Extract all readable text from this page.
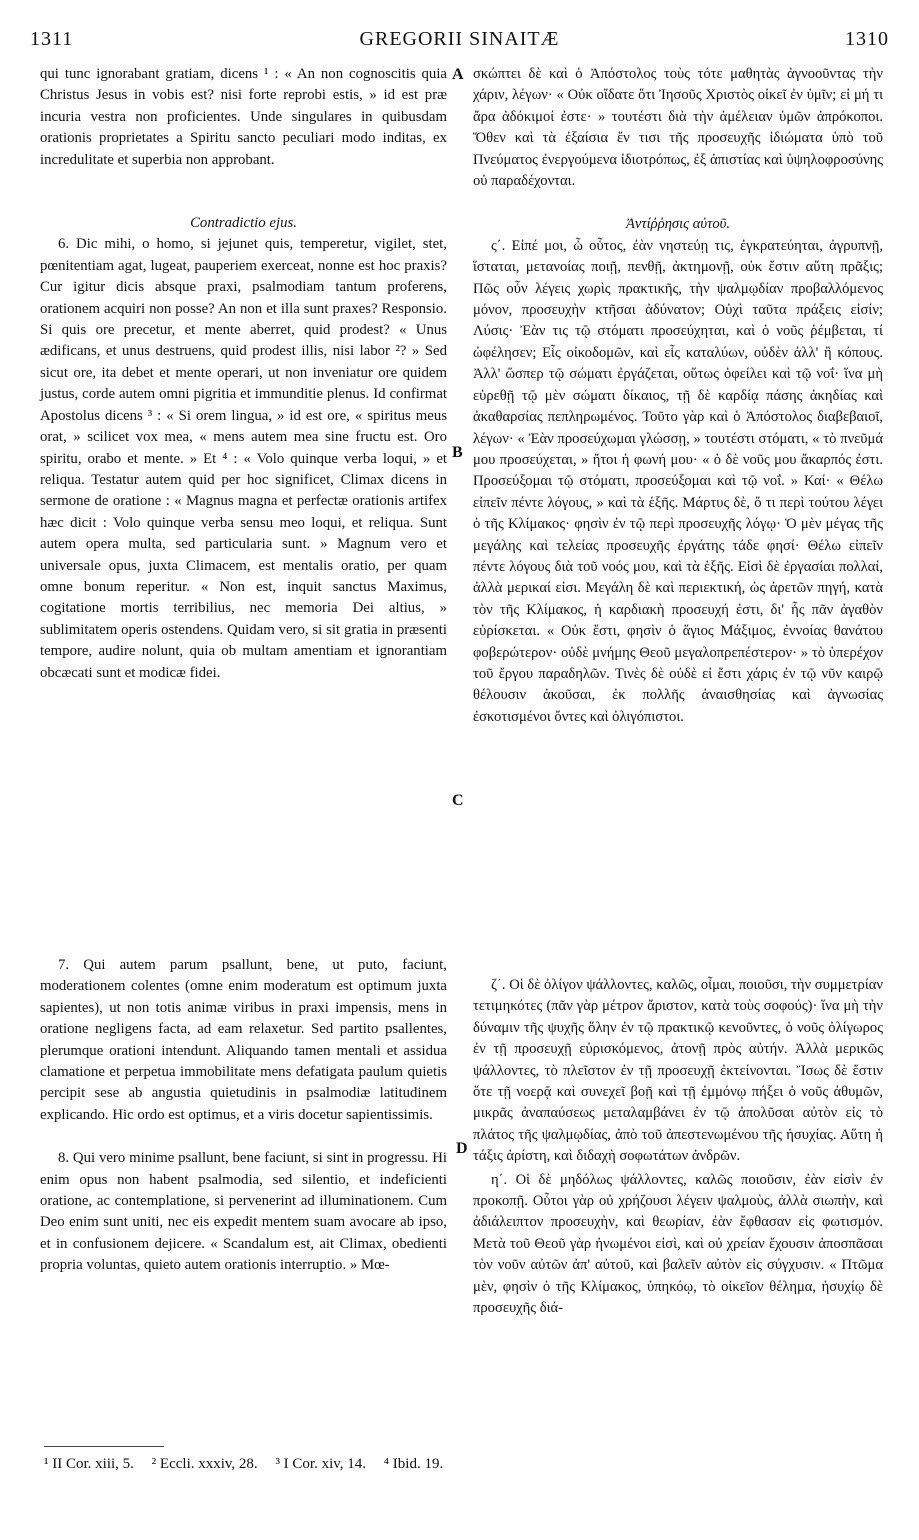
1311	GREGORII SINAITÆ	1310
A
B
C
D

qui tunc ignorabant gratiam, dicens ¹ : « An non cognoscitis quia Christus Jesus in vobis est? nisi forte reprobi estis, » id est præ incuria vestra non proficientes. Unde singulares in quibusdam orationis proprietates a Spiritu sancto peculiari modo inditas, ex incredulitate et superbia non approbant.

Contradictio ejus.

6. Dic mihi, o homo, si jejunet quis, temperetur, vigilet, stet, pœnitentiam agat, lugeat, pauperiem exerceat, nonne est hoc praxis? Cur igitur dicis absque praxi, psalmodiam tantum proferens, orationem acquiri non posse? An non et illa sunt praxes? Responsio. Si quis ore precetur, et mente aberret, quid prodest? « Unus ædificans, et unus destruens, quid prodest illis, nisi labor ²? » Sed sicut ore, ita debet et mente operari, ut non inveniatur ore quidem justus, corde autem omni pigritia et immunditie plenus. Id confirmat Apostolus dicens ³ : « Si orem lingua, » id est ore, « spiritus meus orat, » scilicet vox mea, « mens autem mea sine fructu est. Oro spiritu, orabo et mente. » Et ⁴ : « Volo quinque verba loqui, » et reliqua. Testatur autem quid per hoc significet, Climax dicens in sermone de oratione : « Magnus magna et perfectæ orationis artifex hæc dicit : Volo quinque verba sensu meo loqui, et reliqua. Sunt autem opera multa, sed particularia sunt. » Magnum vero et universale opus, juxta Climacem, est mentalis oratio, per quam omne bonum reperitur. « Non est, inquit sanctus Maximus, cogitatione mortis terribilius, nec memoria Dei altius, » sublimitatem operis ostendens. Quidam vero, si sit gratia in præsenti tempore, audire nolunt, quia ob multam amentiam et ignorantiam obcæcati sunt et modicæ fidei.

σκώπτει δὲ καὶ ὁ Ἀπόστολος τοὺς τότε μαθητὰς ἀγνοοῦντας τὴν χάριν, λέγων· « Οὐκ οἴδατε ὅτι Ἰησοῦς Χριστὸς οἰκεῖ ἐν ὑμῖν; εἰ μή τι ἄρα ἀδόκιμοί ἐστε· » τουτέστι διὰ τὴν ἀμέλειαν ὑμῶν ἀπρόκοποι. Ὅθεν καὶ τὰ ἐξαίσια ἔν τισι τῆς προσευχῆς ἰδιώματα ὑπὸ τοῦ Πνεύματος ἐνεργούμενα ἰδιοτρόπως, ἐξ ἀπιστίας καὶ ὑψηλοφροσύνης οὐ παραδέχονται.

Ἀντίῤῥησις αὐτοῦ.

ς΄. Εἰπέ μοι, ὦ οὗτος, ἐὰν νηστεύῃ τις, ἐγκρατεύηται, ἀγρυπνῇ, ἵσταται, μετανοίας ποιῇ, πενθῇ, ἀκτημονῇ, οὐκ ἔστιν αὕτη πρᾶξις; Πῶς οὖν λέγεις χωρὶς πρακτικῆς, τὴν ψαλμῳδίαν προβαλλόμενος μόνον, προσευχὴν κτῆσαι ἀδύνατον; Οὐχὶ ταῦτα πράξεις εἰσίν; Λύσις· Ἐὰν τις τῷ στόματι προσεύχηται, καὶ ὁ νοῦς ῥέμβεται, τί ὠφέλησεν; Εἷς οἰκοδομῶν, καὶ εἷς καταλύων, οὐδὲν ἀλλ' ἢ κόπους. Ἀλλ' ὥσπερ τῷ σώματι ἐργάζεται, οὕτως ὀφείλει καὶ τῷ νοΐ· ἵνα μὴ εὑρεθῇ τῷ μὲν σώματι δίκαιος, τῇ δὲ καρδίᾳ πάσης ἀκηδίας καὶ ἀκαθαρσίας πεπληρωμένος. Τοῦτο γὰρ καὶ ὁ Ἀπόστολος διαβεβαιοῖ, λέγων· « Ἐὰν προσεύχωμαι γλώσσῃ, » τουτέστι στόματι, « τὸ πνεῦμά μου προσεύχεται, » ἤτοι ἡ φωνή μου· « ὁ δὲ νοῦς μου ἄκαρπός ἐστι. Προσεύξομαι τῷ στόματι, προσεύξομαι καὶ τῷ νοΐ. » Καί· « Θέλω εἰπεῖν πέντε λόγους, » καὶ τὰ ἑξῆς. Μάρτυς δὲ, ὅ τι περὶ τούτου λέγει ὁ τῆς Κλίμακος· φησὶν ἐν τῷ περὶ προσευχῆς λόγῳ· Ὁ μὲν μέγας τῆς μεγάλης καὶ τελείας προσευχῆς ἐργάτης τάδε φησί· Θέλω εἰπεῖν πέντε λόγους διὰ τοῦ νοός μου, καὶ τὰ ἑξῆς. Εἰσὶ δὲ ἐργασίαι πολλαί, ἀλλὰ μερικαί εἰσι. Μεγάλη δὲ καὶ περιεκτική, ὡς ἀρετῶν πηγή, κατὰ τὸν τῆς Κλίμακος, ἡ καρδιακὴ προσευχή ἐστι, δι' ἧς πᾶν ἀγαθὸν εὑρίσκεται. « Οὐκ ἔστι, φησὶν ὁ ἅγιος Μάξιμος, ἐννοίας θανάτου φοβερώτερον· οὐδὲ μνήμης Θεοῦ μεγαλοπρεπέστερον· » τὸ ὑπερέχον τοῦ ἔργου παραδηλῶν. Τινὲς δὲ οὐδὲ εἰ ἔστι χάρις ἐν τῷ νῦν καιρῷ θέλουσιν ἀκοῦσαι, ἐκ πολλῆς ἀναισθησίας καὶ ἀγνωσίας ἐσκοτισμένοι ὄντες καὶ ὀλιγόπιστοι.

7. Qui autem parum psallunt, bene, ut puto, faciunt, moderationem colentes (omne enim moderatum est optimum juxta sapientes), ut non totis animæ viribus in praxi impensis, mens in oratione negligens facta, ad eam relaxetur. Sed partito psallentes, plerumque orationi intendunt. Aliquando tamen mentali et assidua clamatione et perpetua immobilitate mens defatigata paulum quietis percipit sese ab angustia quietudinis in psalmodiæ latitudinem explicando. Hic ordo est optimus, et a viris docetur sapientissimis.

8. Qui vero minime psallunt, bene faciunt, si sint in progressu. Hi enim opus non habent psalmodia, sed silentio, et indeficienti oratione, ac contemplatione, si pervenerint ad illuminationem. Cum Deo enim sunt uniti, nec eis expedit mentem suam avocare ab ipso, et in confusionem dejicere. « Scandalum est, ait Climax, obedienti propria voluntas, quieto autem orationis interruptio. » Mœ-

ζ΄. Οἱ δὲ ὀλίγον ψάλλοντες, καλῶς, οἶμαι, ποιοῦσι, τὴν συμμετρίαν τετιμηκότες (πᾶν γὰρ μέτρον ἄριστον, κατὰ τοὺς σοφούς)· ἵνα μὴ τὴν δύναμιν τῆς ψυχῆς ὅλην ἐν τῷ πρακτικῷ κενοῦντες, ὁ νοῦς ὀλίγωρος ἐν τῇ προσευχῇ εὑρισκόμενος, ἀτονῇ πρὸς αὐτήν. Ἀλλὰ μερικῶς ψάλλοντες, τὸ πλεῖστον ἐν τῇ προσευχῇ ἐκτείνονται. Ἴσως δὲ ἔστιν ὅτε τῇ νοερᾷ καὶ συνεχεῖ βοῇ καὶ τῇ ἐμμόνῳ πήξει ὁ νοῦς ἀθυμῶν, μικρᾶς ἀναπαύσεως μεταλαμβάνει ἐν τῷ ἀπολῦσαι αὐτὸν εἰς τὸ πλάτος τῆς ψαλμῳδίας, ἀπὸ τοῦ ἀπεστενωμένου τῆς ἡσυχίας. Αὕτη ἡ τάξις ἀρίστη, καὶ διδαχὴ σοφωτάτων ἀνδρῶν.

η΄. Οἱ δὲ μηδόλως ψάλλοντες, καλῶς ποιοῦσιν, ἐὰν εἰσὶν ἐν προκοπῇ. Οὗτοι γὰρ οὐ χρήζουσι λέγειν ψαλμοὺς, ἀλλὰ σιωπὴν, καὶ ἀδιάλειπτον προσευχὴν, καὶ θεωρίαν, ἐὰν ἔφθασαν εἰς φωτισμόν. Μετὰ τοῦ Θεοῦ γὰρ ἡνωμένοι εἰσὶ, καὶ οὐ χρείαν ἔχουσιν ἀποσπᾶσαι τὸν νοῦν αὐτῶν ἀπ' αὐτοῦ, καὶ βαλεῖν αὐτὸν εἰς σύγχυσιν. « Πτῶμα μὲν, φησὶν ὁ τῆς Κλίμακος, ὑπηκόῳ, τὸ οἰκεῖον θέλημα, ἡσυχίῳ δὲ προσευχῆς διά-

¹ II Cor. xiii, 5. ² Eccli. xxxiv, 28. ³ I Cor. xiv, 14. ⁴ Ibid. 19.
